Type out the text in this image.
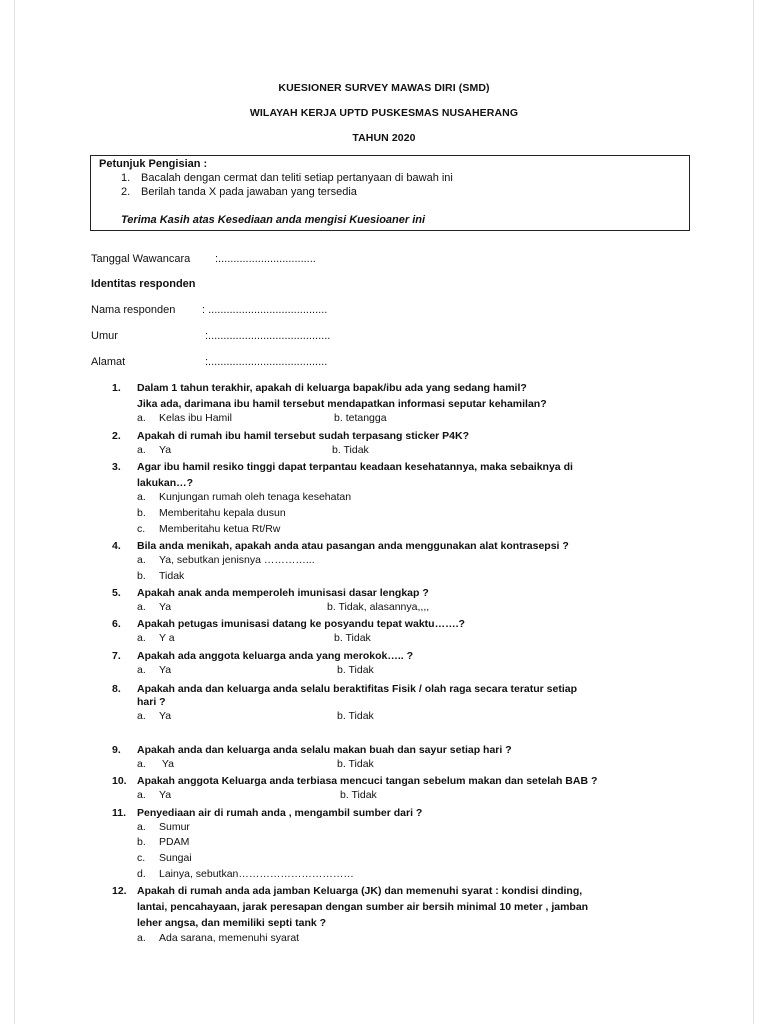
KUESIONER SURVEY MAWAS DIRI (SMD)
WILAYAH KERJA UPTD PUSKESMAS NUSAHERANG
TAHUN 2020
Petunjuk Pengisian :
1. Bacalah dengan cermat dan teliti setiap pertanyaan di bawah ini
2. Berilah tanda X pada jawaban yang tersedia
Terima Kasih atas Kesediaan anda mengisi Kuesioaner ini
Tanggal Wawancara :................................
Identitas responden
Nama responden : .......................................
Umur	:........................................
Alamat	:.......................................
1.	Dalam 1 tahun terakhir, apakah di keluarga bapak/ibu ada yang sedang hamil?
Jika ada, darimana ibu hamil tersebut mendapatkan informasi seputar kehamilan?
a. Kelas ibu Hamil	b. tetangga
2.	Apakah di rumah ibu hamil tersebut sudah terpasang sticker P4K?
a. Ya	b. Tidak
3.	Agar ibu hamil resiko tinggi dapat terpantau keadaan kesehatannya, maka sebaiknya di
lakukan…?
a. Kunjungan rumah oleh tenaga kesehatan
b. Memberitahu kepala dusun
c. Memberitahu ketua Rt/Rw
4.	Bila anda menikah, apakah anda atau pasangan anda menggunakan alat kontrasepsi ?
a. Ya, sebutkan jenisnya …………...
b. Tidak
5.	Apakah anak anda memperoleh imunisasi dasar lengkap ?
a. Ya	b. Tidak, alasannya,,,,
6.	Apakah petugas imunisasi datang ke posyandu tepat waktu…….?
a. Y a	b. Tidak
7.	Apakah ada anggota keluarga anda yang merokok….. ?
a. Ya	b. Tidak
8.	Apakah anda dan keluarga anda selalu beraktifitas Fisik / olah raga secara teratur setiap
hari ?
a. Ya	b. Tidak
9.	Apakah anda dan keluarga anda selalu makan buah dan sayur setiap hari ?
a. Ya	b. Tidak
10. Apakah anggota Keluarga anda terbiasa mencuci tangan sebelum makan dan setelah BAB ?
a. Ya	b. Tidak
11.	Penyediaan air di rumah anda , mengambil sumber dari ?
a. Sumur
b. PDAM
c. Sungai
d. Lainya, sebutkan……………………………
12. Apakah di rumah anda ada jamban Keluarga (JK) dan memenuhi syarat : kondisi dinding,
lantai, pencahayaan, jarak peresapan dengan sumber air bersih minimal 10 meter , jamban
leher angsa, dan memiliki septi tank ?
a. Ada sarana, memenuhi syarat
